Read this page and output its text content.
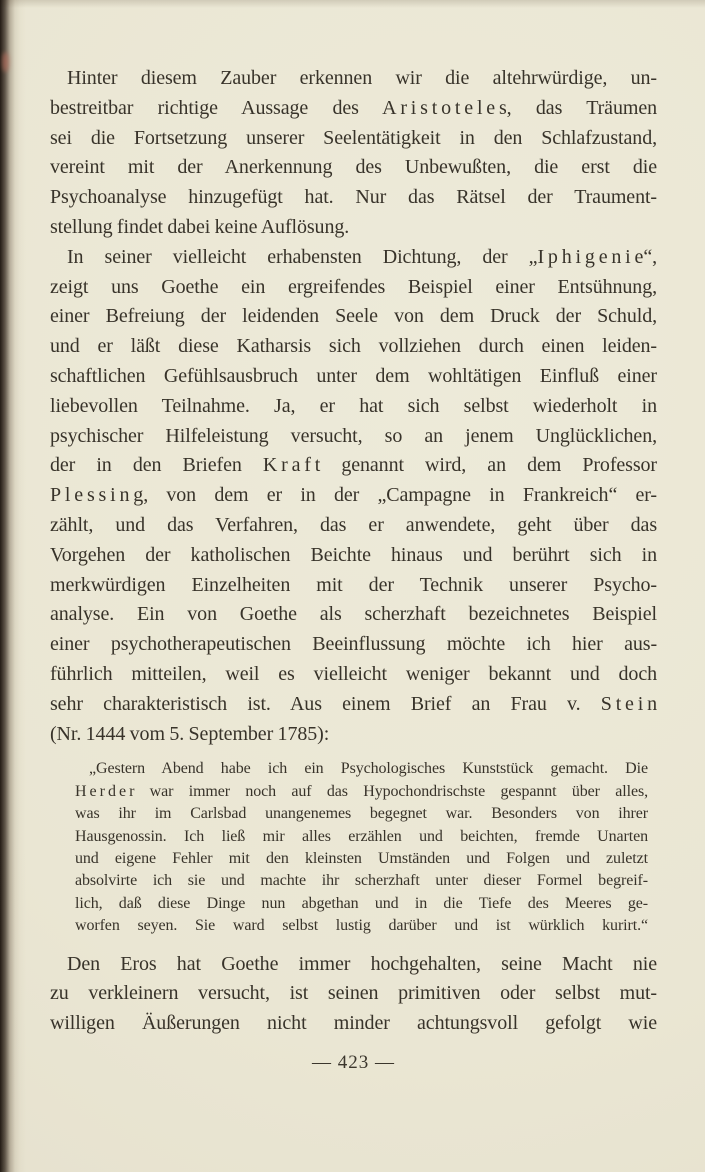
Hinter diesem Zauber erkennen wir die altehrwürdige, un-
bestreitbar richtige Aussage des A r i s t o t e l e s, das Träumen
sei die Fortsetzung unserer Seelentätigkeit in den Schlafzustand,
vereint mit der Anerkennung des Unbewußten, die erst die
Psychoanalyse hinzugefügt hat. Nur das Rätsel der Traument-
stellung findet dabei keine Auflösung.
In seiner vielleicht erhabensten Dichtung, der „I p h i g e n i e“,
zeigt uns Goethe ein ergreifendes Beispiel einer Entsühnung,
einer Befreiung der leidenden Seele von dem Druck der Schuld,
und er läßt diese Katharsis sich vollziehen durch einen leiden-
schaftlichen Gefühlsausbruch unter dem wohltätigen Einfluß einer
liebevollen Teilnahme. Ja, er hat sich selbst wiederholt in
psychischer Hilfeleistung versucht, so an jenem Unglücklichen,
der in den Briefen K r a f t genannt wird, an dem Professor
P l e s s i n g, von dem er in der „Campagne in Frankreich“ er-
zählt, und das Verfahren, das er anwendete, geht über das
Vorgehen der katholischen Beichte hinaus und berührt sich in
merkwürdigen Einzelheiten mit der Technik unserer Psycho-
analyse. Ein von Goethe als scherzhaft bezeichnetes Beispiel
einer psychotherapeutischen Beeinflussung möchte ich hier aus-
führlich mitteilen, weil es vielleicht weniger bekannt und doch
sehr charakteristisch ist. Aus einem Brief an Frau v. S t e i n
(Nr. 1444 vom 5. September 1785):
„Gestern Abend habe ich ein Psychologisches Kunststück gemacht. Die
H e r d e r war immer noch auf das Hypochondrischste gespannt über alles,
was ihr im Carlsbad unangenemes begegnet war. Besonders von ihrer
Hausgenossin. Ich ließ mir alles erzählen und beichten, fremde Unarten
und eigene Fehler mit den kleinsten Umständen und Folgen und zuletzt
absolvirte ich sie und machte ihr scherzhaft unter dieser Formel begreif-
lich, daß diese Dinge nun abgethan und in die Tiefe des Meeres ge-
worfen seyen. Sie ward selbst lustig darüber und ist würklich kurirt.“
Den Eros hat Goethe immer hochgehalten, seine Macht nie
zu verkleinern versucht, ist seinen primitiven oder selbst mut-
willigen Äußerungen nicht minder achtungsvoll gefolgt wie
— 423 —
